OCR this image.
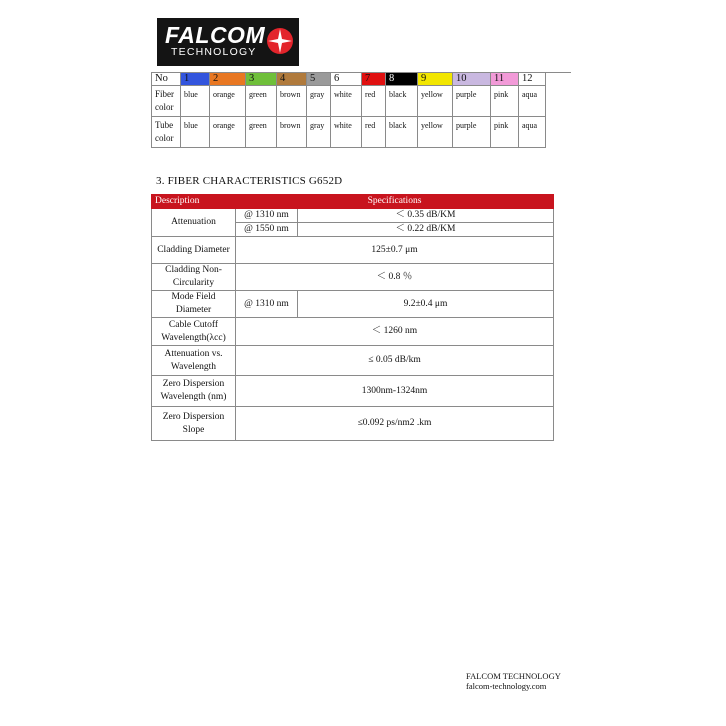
FALCOM
TECHNOLOGY
No	1	2	3	4	5	6	7	8	9	10	11	12
Fiber color	blue	orange	green	brown	gray	white	red	black	yellow	purple	pink	aqua
Tube color	blue	orange	green	brown	gray	white	red	black	yellow	purple	pink	aqua
3. FIBER CHARACTERISTICS G652D
Description	Specifications	
Attenuation	@ 1310 nm	＜ 0.35 dB/KM
	@ 1550 nm	＜ 0.22 dB/KM
Cladding Diameter	125±0.7 μm	
Cladding Non-Circularity	＜ 0.8 ％	
Mode Field Diameter	@ 1310 nm	9.2±0.4 μm
Cable Cutoff Wavelength(λcc)	＜ 1260 nm	
Attenuation vs. Wavelength	≤ 0.05 dB/km	
Zero Dispersion Wavelength (nm)	1300nm-1324nm	
Zero Dispersion Slope	≤0.092 ps/nm2 .km	
FALCOM TECHNOLOGY
falcom-technology.com
